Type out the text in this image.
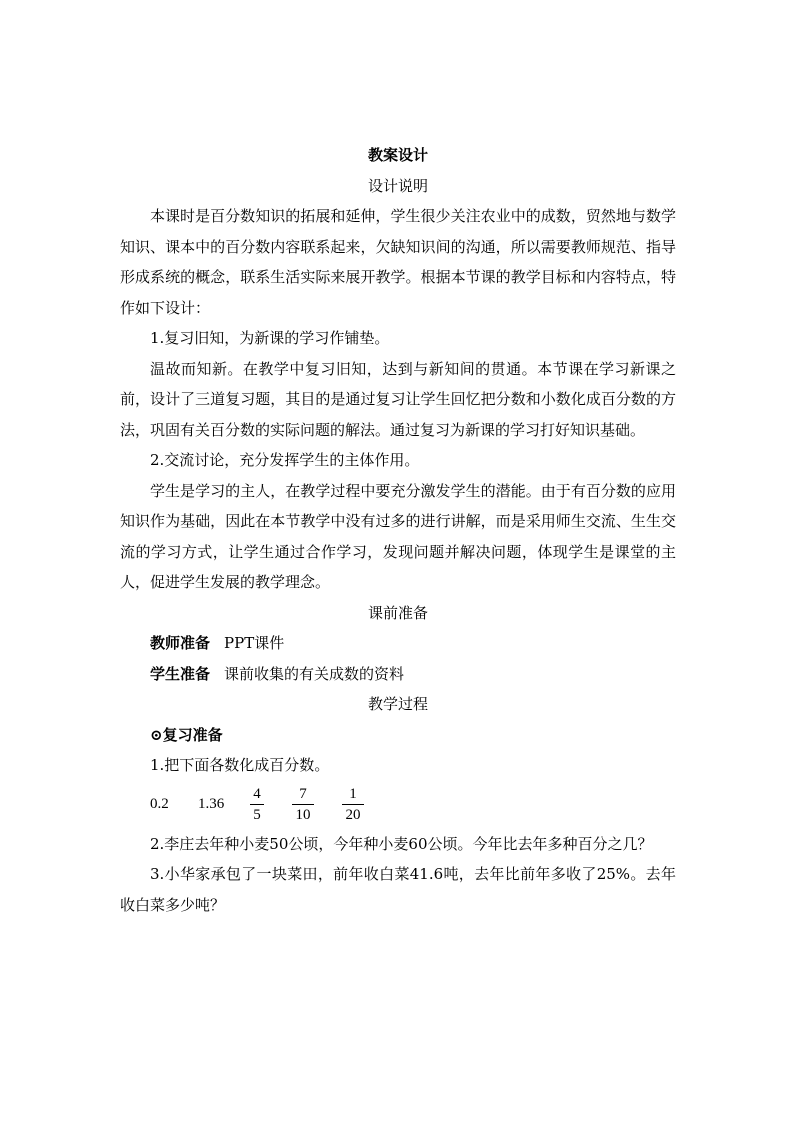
教案设计
设计说明

本课时是百分数知识的拓展和延伸，学生很少关注农业中的成数，贸然地与数学知识、课本中的百分数内容联系起来，欠缺知识间的沟通，所以需要教师规范、指导形成系统的概念，联系生活实际来展开教学。根据本节课的教学目标和内容特点，特作如下设计：

1.复习旧知，为新课的学习作铺垫。

温故而知新。在教学中复习旧知，达到与新知间的贯通。本节课在学习新课之前，设计了三道复习题，其目的是通过复习让学生回忆把分数和小数化成百分数的方法，巩固有关百分数的实际问题的解法。通过复习为新课的学习打好知识基础。

2.交流讨论，充分发挥学生的主体作用。

学生是学习的主人，在教学过程中要充分激发学生的潜能。由于有百分数的应用知识作为基础，因此在本节教学中没有过多的进行讲解，而是采用师生交流、生生交流的学习方式，让学生通过合作学习，发现问题并解决问题，体现学生是课堂的主人，促进学生发展的教学理念。

课前准备

教师准备 PPT课件

学生准备 课前收集的有关成数的资料

教学过程

⊙复习准备

1.把下面各数化成百分数。

0.2	1.36	$\frac{4}{5} \frac{7}{10} \frac{1}{20}$

2.李庄去年种小麦50公顷，今年种小麦60公顷。今年比去年多种百分之几？

3.小华家承包了一块菜田，前年收白菜41.6吨，去年比前年多收了25%。去年收白菜多少吨？
